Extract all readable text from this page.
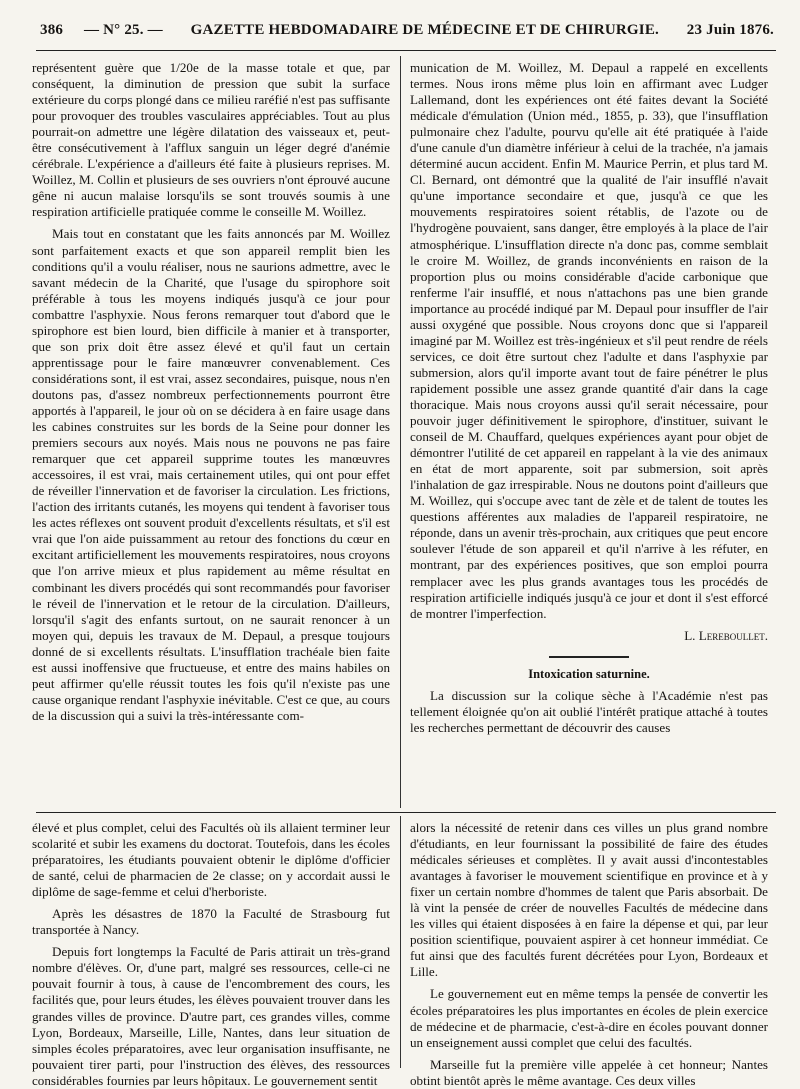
386	— N° 25. —	GAZETTE HEBDOMADAIRE DE MÉDECINE ET DE CHIRURGIE.	23 Juin 1876.

représentent guère que 1/20e de la masse totale et que, par conséquent, la diminution de pression que subit la surface extérieure du corps plongé dans ce milieu raréfié n'est pas suffisante pour provoquer des troubles vasculaires appréciables. Tout au plus pourrait-on admettre une légère dilatation des vaisseaux et, peut-être consécutivement à l'afflux sanguin un léger degré d'anémie cérébrale. L'expérience a d'ailleurs été faite à plusieurs reprises. M. Woillez, M. Collin et plusieurs de ses ouvriers n'ont éprouvé aucune gêne ni aucun malaise lorsqu'ils se sont trouvés soumis à une respiration artificielle pratiquée comme le conseille M. Woillez.

Mais tout en constatant que les faits annoncés par M. Woillez sont parfaitement exacts et que son appareil remplit bien les conditions qu'il a voulu réaliser, nous ne saurions admettre, avec le savant médecin de la Charité, que l'usage du spirophore soit préférable à tous les moyens indiqués jusqu'à ce jour pour combattre l'asphyxie. Nous ferons remarquer tout d'abord que le spirophore est bien lourd, bien difficile à manier et à transporter, que son prix doit être assez élevé et qu'il faut un certain apprentissage pour le faire manœuvrer convenablement. Ces considérations sont, il est vrai, assez secondaires, puisque, nous n'en doutons pas, d'assez nombreux perfectionnements pourront être apportés à l'appareil, le jour où on se décidera à en faire usage dans les cabines construites sur les bords de la Seine pour donner les premiers secours aux noyés. Mais nous ne pouvons ne pas faire remarquer que cet appareil supprime toutes les manœuvres accessoires, il est vrai, mais certainement utiles, qui ont pour effet de réveiller l'innervation et de favoriser la circulation. Les frictions, l'action des irritants cutanés, les moyens qui tendent à favoriser tous les actes réflexes ont souvent produit d'excellents résultats, et s'il est vrai que l'on aide puissamment au retour des fonctions du cœur en excitant artificiellement les mouvements respiratoires, nous croyons que l'on arrive mieux et plus rapidement au même résultat en combinant les divers procédés qui sont recommandés pour favoriser le réveil de l'innervation et le retour de la circulation. D'ailleurs, lorsqu'il s'agit des enfants surtout, on ne saurait renoncer à un moyen qui, depuis les travaux de M. Depaul, a presque toujours donné de si excellents résultats. L'insufflation trachéale bien faite est aussi inoffensive que fructueuse, et entre des mains habiles on peut affirmer qu'elle réussit toutes les fois qu'il n'existe pas une cause organique rendant l'asphyxie inévitable. C'est ce que, au cours de la discussion qui a suivi la très-intéressante com-

munication de M. Woillez, M. Depaul a rappelé en excellents termes. Nous irons même plus loin en affirmant avec Ludger Lallemand, dont les expériences ont été faites devant la Société médicale d'émulation (Union méd., 1855, p. 33), que l'insufflation pulmonaire chez l'adulte, pourvu qu'elle ait été pratiquée à l'aide d'une canule d'un diamètre inférieur à celui de la trachée, n'a jamais déterminé aucun accident. Enfin M. Maurice Perrin, et plus tard M. Cl. Bernard, ont démontré que la qualité de l'air insufflé n'avait qu'une importance secondaire et que, jusqu'à ce que les mouvements respiratoires soient rétablis, de l'azote ou de l'hydrogène pouvaient, sans danger, être employés à la place de l'air atmosphérique. L'insufflation directe n'a donc pas, comme semblait le croire M. Woillez, de grands inconvénients en raison de la proportion plus ou moins considérable d'acide carbonique que renferme l'air insufflé, et nous n'attachons pas une bien grande importance au procédé indiqué par M. Depaul pour insuffler de l'air aussi oxygéné que possible. Nous croyons donc que si l'appareil imaginé par M. Woillez est très-ingénieux et s'il peut rendre de réels services, ce doit être surtout chez l'adulte et dans l'asphyxie par submersion, alors qu'il importe avant tout de faire pénétrer le plus rapidement possible une assez grande quantité d'air dans la cage thoracique. Mais nous croyons aussi qu'il serait nécessaire, pour pouvoir juger définitivement le spirophore, d'instituer, suivant le conseil de M. Chauffard, quelques expériences ayant pour objet de démontrer l'utilité de cet appareil en rappelant à la vie des animaux en état de mort apparente, soit par submersion, soit après l'inhalation de gaz irrespirable. Nous ne doutons point d'ailleurs que M. Woillez, qui s'occupe avec tant de zèle et de talent de toutes les questions afférentes aux maladies de l'appareil respiratoire, ne réponde, dans un avenir très-prochain, aux critiques que peut encore soulever l'étude de son appareil et qu'il n'arrive à les réfuter, en montrant, par des expériences positives, que son emploi pourra remplacer avec les plus grands avantages tous les procédés de respiration artificielle indiqués jusqu'à ce jour et dont il s'est efforcé de montrer l'imperfection.

L. Lereboullet.

Intoxication saturnine.

La discussion sur la colique sèche à l'Académie n'est pas tellement éloignée qu'on ait oublié l'intérêt pratique attaché à toutes les recherches permettant de découvrir des causes

élevé et plus complet, celui des Facultés où ils allaient terminer leur scolarité et subir les examens du doctorat. Toutefois, dans les écoles préparatoires, les étudiants pouvaient obtenir le diplôme d'officier de santé, celui de pharmacien de 2e classe; on y accordait aussi le diplôme de sage-femme et celui d'herboriste.

Après les désastres de 1870 la Faculté de Strasbourg fut transportée à Nancy.

Depuis fort longtemps la Faculté de Paris attirait un très-grand nombre d'élèves. Or, d'une part, malgré ses ressources, celle-ci ne pouvait fournir à tous, à cause de l'encombrement des cours, les facilités que, pour leurs études, les élèves pouvaient trouver dans les grandes villes de province. D'autre part, ces grandes villes, comme Lyon, Bordeaux, Marseille, Lille, Nantes, dans leur situation de simples écoles préparatoires, avec leur organisation insuffisante, ne pouvaient tirer parti, pour l'instruction des élèves, des ressources considérables fournies par leurs hôpitaux. Le gouvernement sentit

alors la nécessité de retenir dans ces villes un plus grand nombre d'étudiants, en leur fournissant la possibilité de faire des études médicales sérieuses et complètes. Il y avait aussi d'incontestables avantages à favoriser le mouvement scientifique en province et à y fixer un certain nombre d'hommes de talent que Paris absorbait. De là vint la pensée de créer de nouvelles Facultés de médecine dans les villes qui étaient disposées à en faire la dépense et qui, par leur position scientifique, pouvaient aspirer à cet honneur immédiat. Ce fut ainsi que des facultés furent décrétées pour Lyon, Bordeaux et Lille.

Le gouvernement eut en même temps la pensée de convertir les écoles préparatoires les plus importantes en écoles de plein exercice de médecine et de pharmacie, c'est-à-dire en écoles pouvant donner un enseignement aussi complet que celui des facultés.

Marseille fut la première ville appelée à cet honneur; Nantes obtint bientôt après le même avantage. Ces deux villes
